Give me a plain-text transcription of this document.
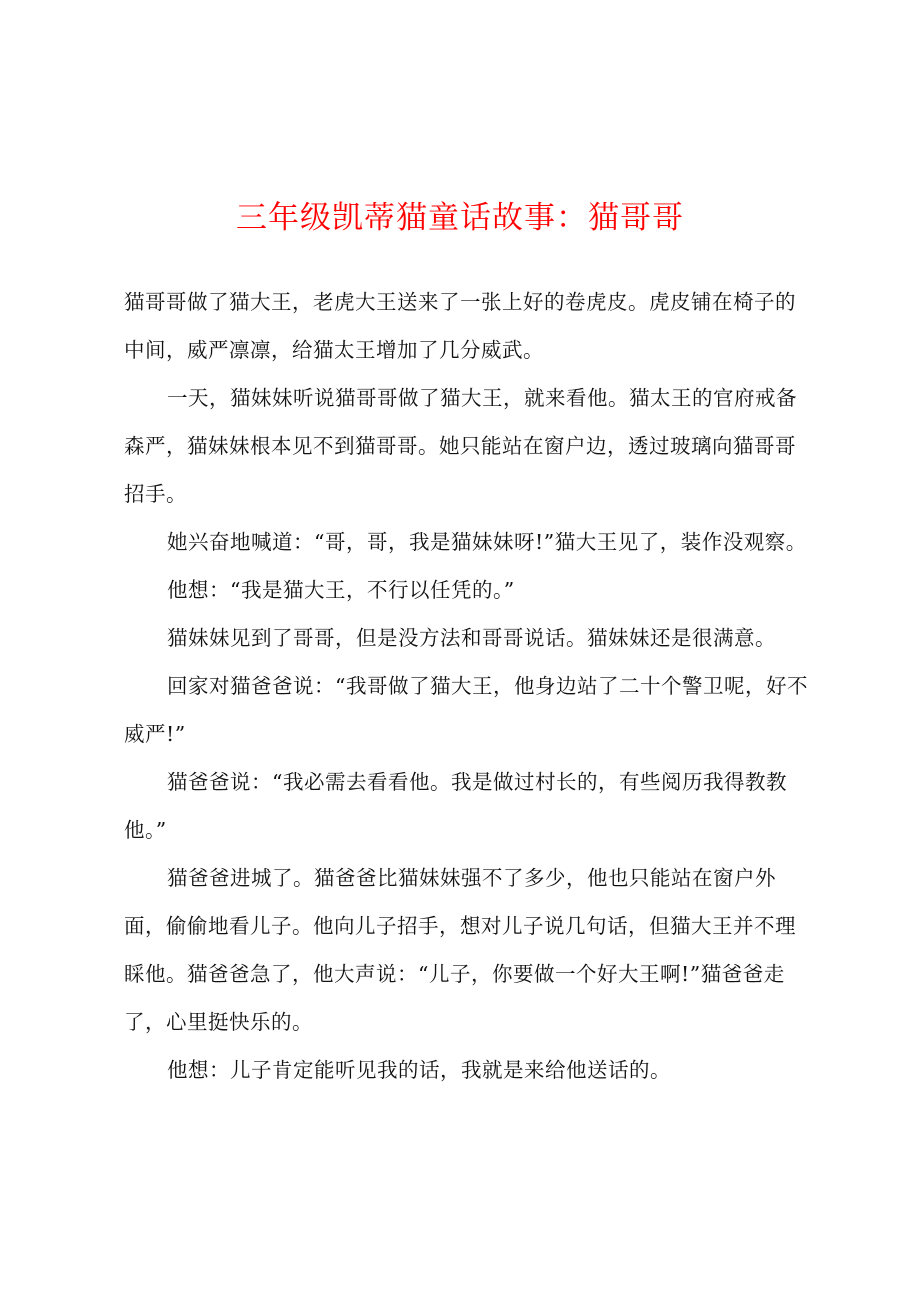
三年级凯蒂猫童话故事：猫哥哥

猫哥哥做了猫大王，老虎大王送来了一张上好的卷虎皮。虎皮铺在椅子的中间，威严凛凛，给猫太王增加了几分威武。

一天，猫妹妹听说猫哥哥做了猫大王，就来看他。猫太王的官府戒备森严，猫妹妹根本见不到猫哥哥。她只能站在窗户边，透过玻璃向猫哥哥招手。

她兴奋地喊道：“哥，哥，我是猫妹妹呀!”猫大王见了，装作没观察。

他想：“我是猫大王，不行以任凭的。”

猫妹妹见到了哥哥，但是没方法和哥哥说话。猫妹妹还是很满意。

回家对猫爸爸说：“我哥做了猫大王，他身边站了二十个警卫呢，好不威严!”

猫爸爸说：“我必需去看看他。我是做过村长的，有些阅历我得教教他。”

猫爸爸进城了。猫爸爸比猫妹妹强不了多少，他也只能站在窗户外面，偷偷地看儿子。他向儿子招手，想对儿子说几句话，但猫大王并不理睬他。猫爸爸急了，他大声说：“儿子，你要做一个好大王啊!”猫爸爸走了，心里挺快乐的。

他想：儿子肯定能听见我的话，我就是来给他送话的。
